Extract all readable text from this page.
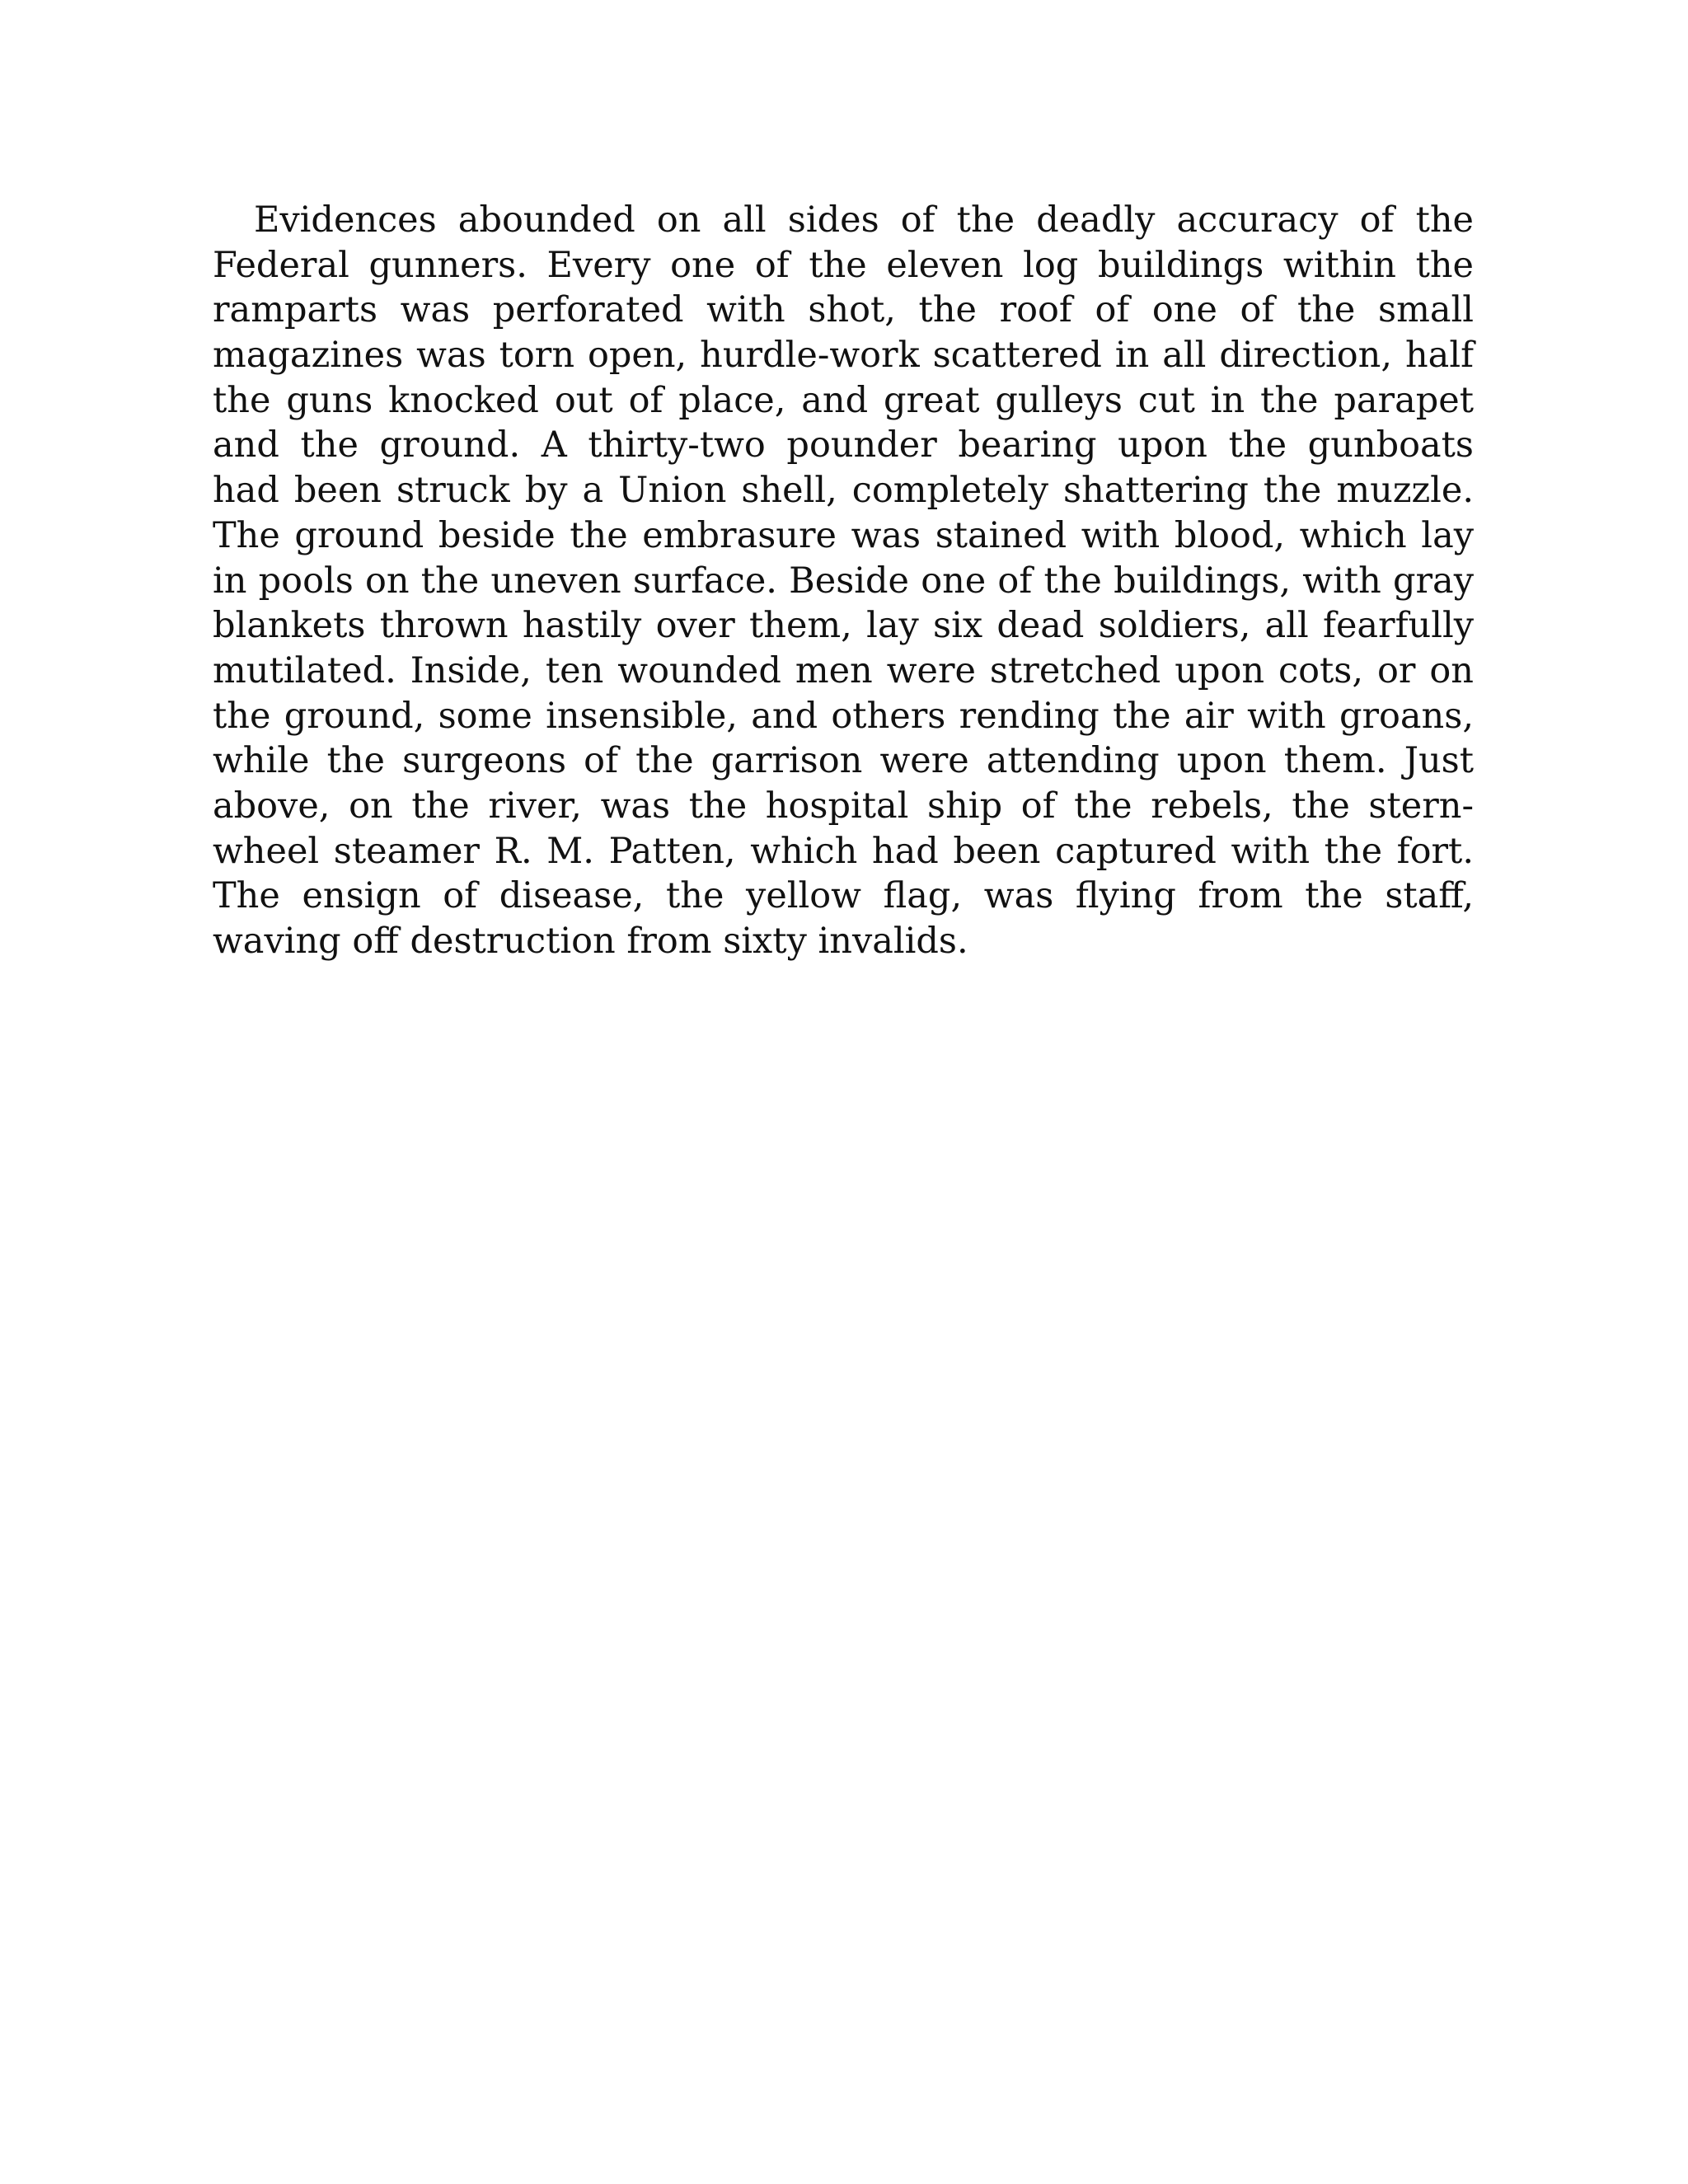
Evidences abounded on all sides of the deadly accuracy of the
Federal gunners. Every one of the eleven log buildings within the
ramparts was perforated with shot, the roof of one of the small
magazines was torn open, hurdle-work scattered in all direction, half
the guns knocked out of place, and great gulleys cut in the parapet
and the ground. A thirty-two pounder bearing upon the gunboats
had been struck by a Union shell, completely shattering the muzzle.
The ground beside the embrasure was stained with blood, which lay
in pools on the uneven surface. Beside one of the buildings, with gray
blankets thrown hastily over them, lay six dead soldiers, all fearfully
mutilated. Inside, ten wounded men were stretched upon cots, or on
the ground, some insensible, and others rending the air with groans,
while the surgeons of the garrison were attending upon them. Just
above, on the river, was the hospital ship of the rebels, the stern-
wheel steamer R. M. Patten, which had been captured with the fort.
The ensign of disease, the yellow flag, was flying from the staff,
waving off destruction from sixty invalids.
